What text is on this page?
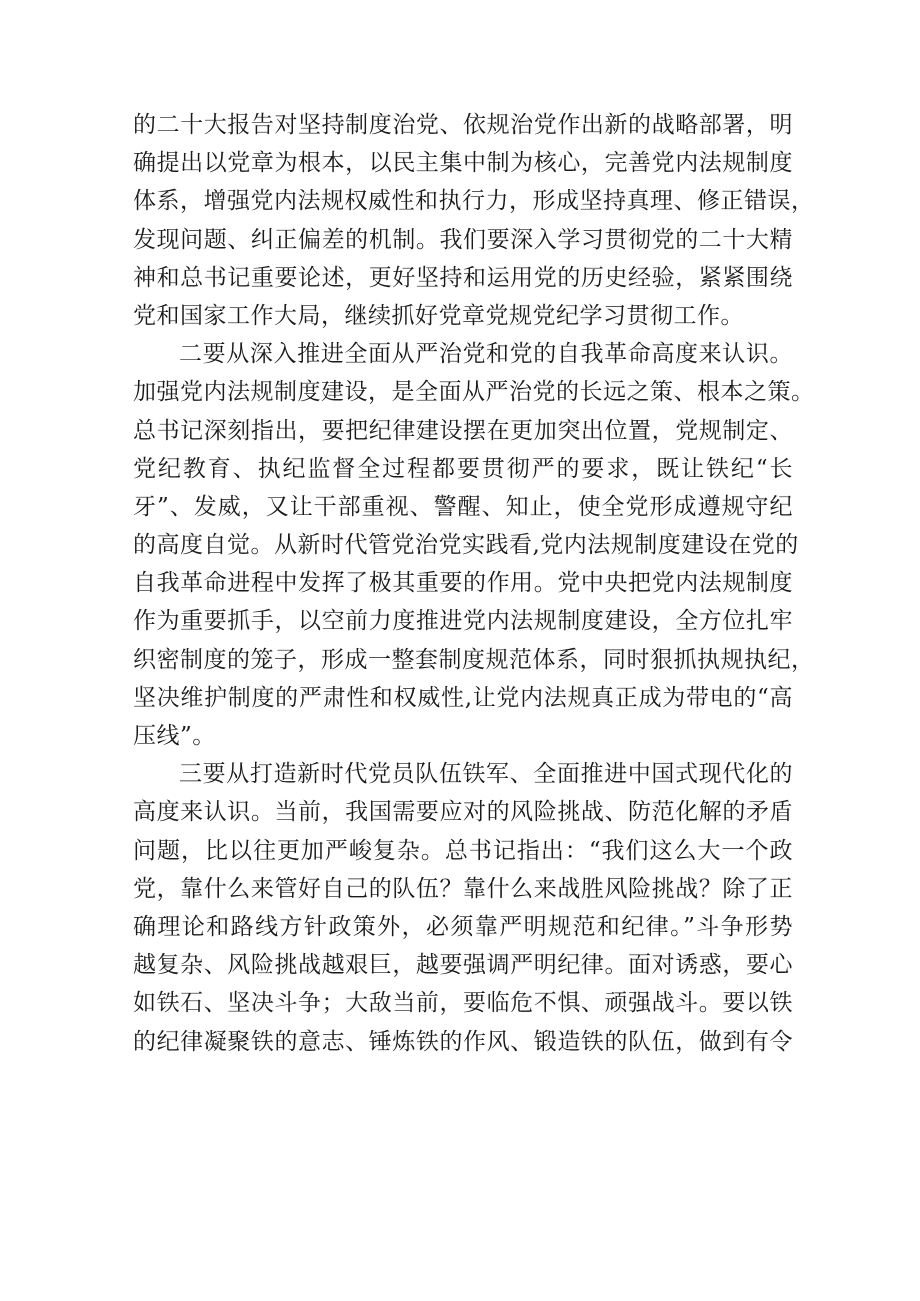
的二十大报告对坚持制度治党、依规治党作出新的战略部署，明
确提出以党章为根本，以民主集中制为核心，完善党内法规制度
体系，增强党内法规权威性和执行力，形成坚持真理、修正错误，
发现问题、纠正偏差的机制。我们要深入学习贯彻党的二十大精
神和总书记重要论述，更好坚持和运用党的历史经验，紧紧围绕
党和国家工作大局，继续抓好党章党规党纪学习贯彻工作。
二要从深入推进全面从严治党和党的自我革命高度来认识。
加强党内法规制度建设，是全面从严治党的长远之策、根本之策。
总书记深刻指出，要把纪律建设摆在更加突出位置，党规制定、
党纪教育、执纪监督全过程都要贯彻严的要求，既让铁纪“长
牙”、发威，又让干部重视、警醒、知止，使全党形成遵规守纪
的高度自觉。从新时代管党治党实践看,党内法规制度建设在党的
自我革命进程中发挥了极其重要的作用。党中央把党内法规制度
作为重要抓手，以空前力度推进党内法规制度建设，全方位扎牢
织密制度的笼子，形成一整套制度规范体系，同时狠抓执规执纪，
坚决维护制度的严肃性和权威性,让党内法规真正成为带电的“高
压线”。
三要从打造新时代党员队伍铁军、全面推进中国式现代化的
高度来认识。当前，我国需要应对的风险挑战、防范化解的矛盾
问题，比以往更加严峻复杂。总书记指出：“我们这么大一个政
党，靠什么来管好自己的队伍？靠什么来战胜风险挑战？除了正
确理论和路线方针政策外，必须靠严明规范和纪律。”斗争形势
越复杂、风险挑战越艰巨，越要强调严明纪律。面对诱惑，要心
如铁石、坚决斗争；大敌当前，要临危不惧、顽强战斗。要以铁
的纪律凝聚铁的意志、锤炼铁的作风、锻造铁的队伍，做到有令
